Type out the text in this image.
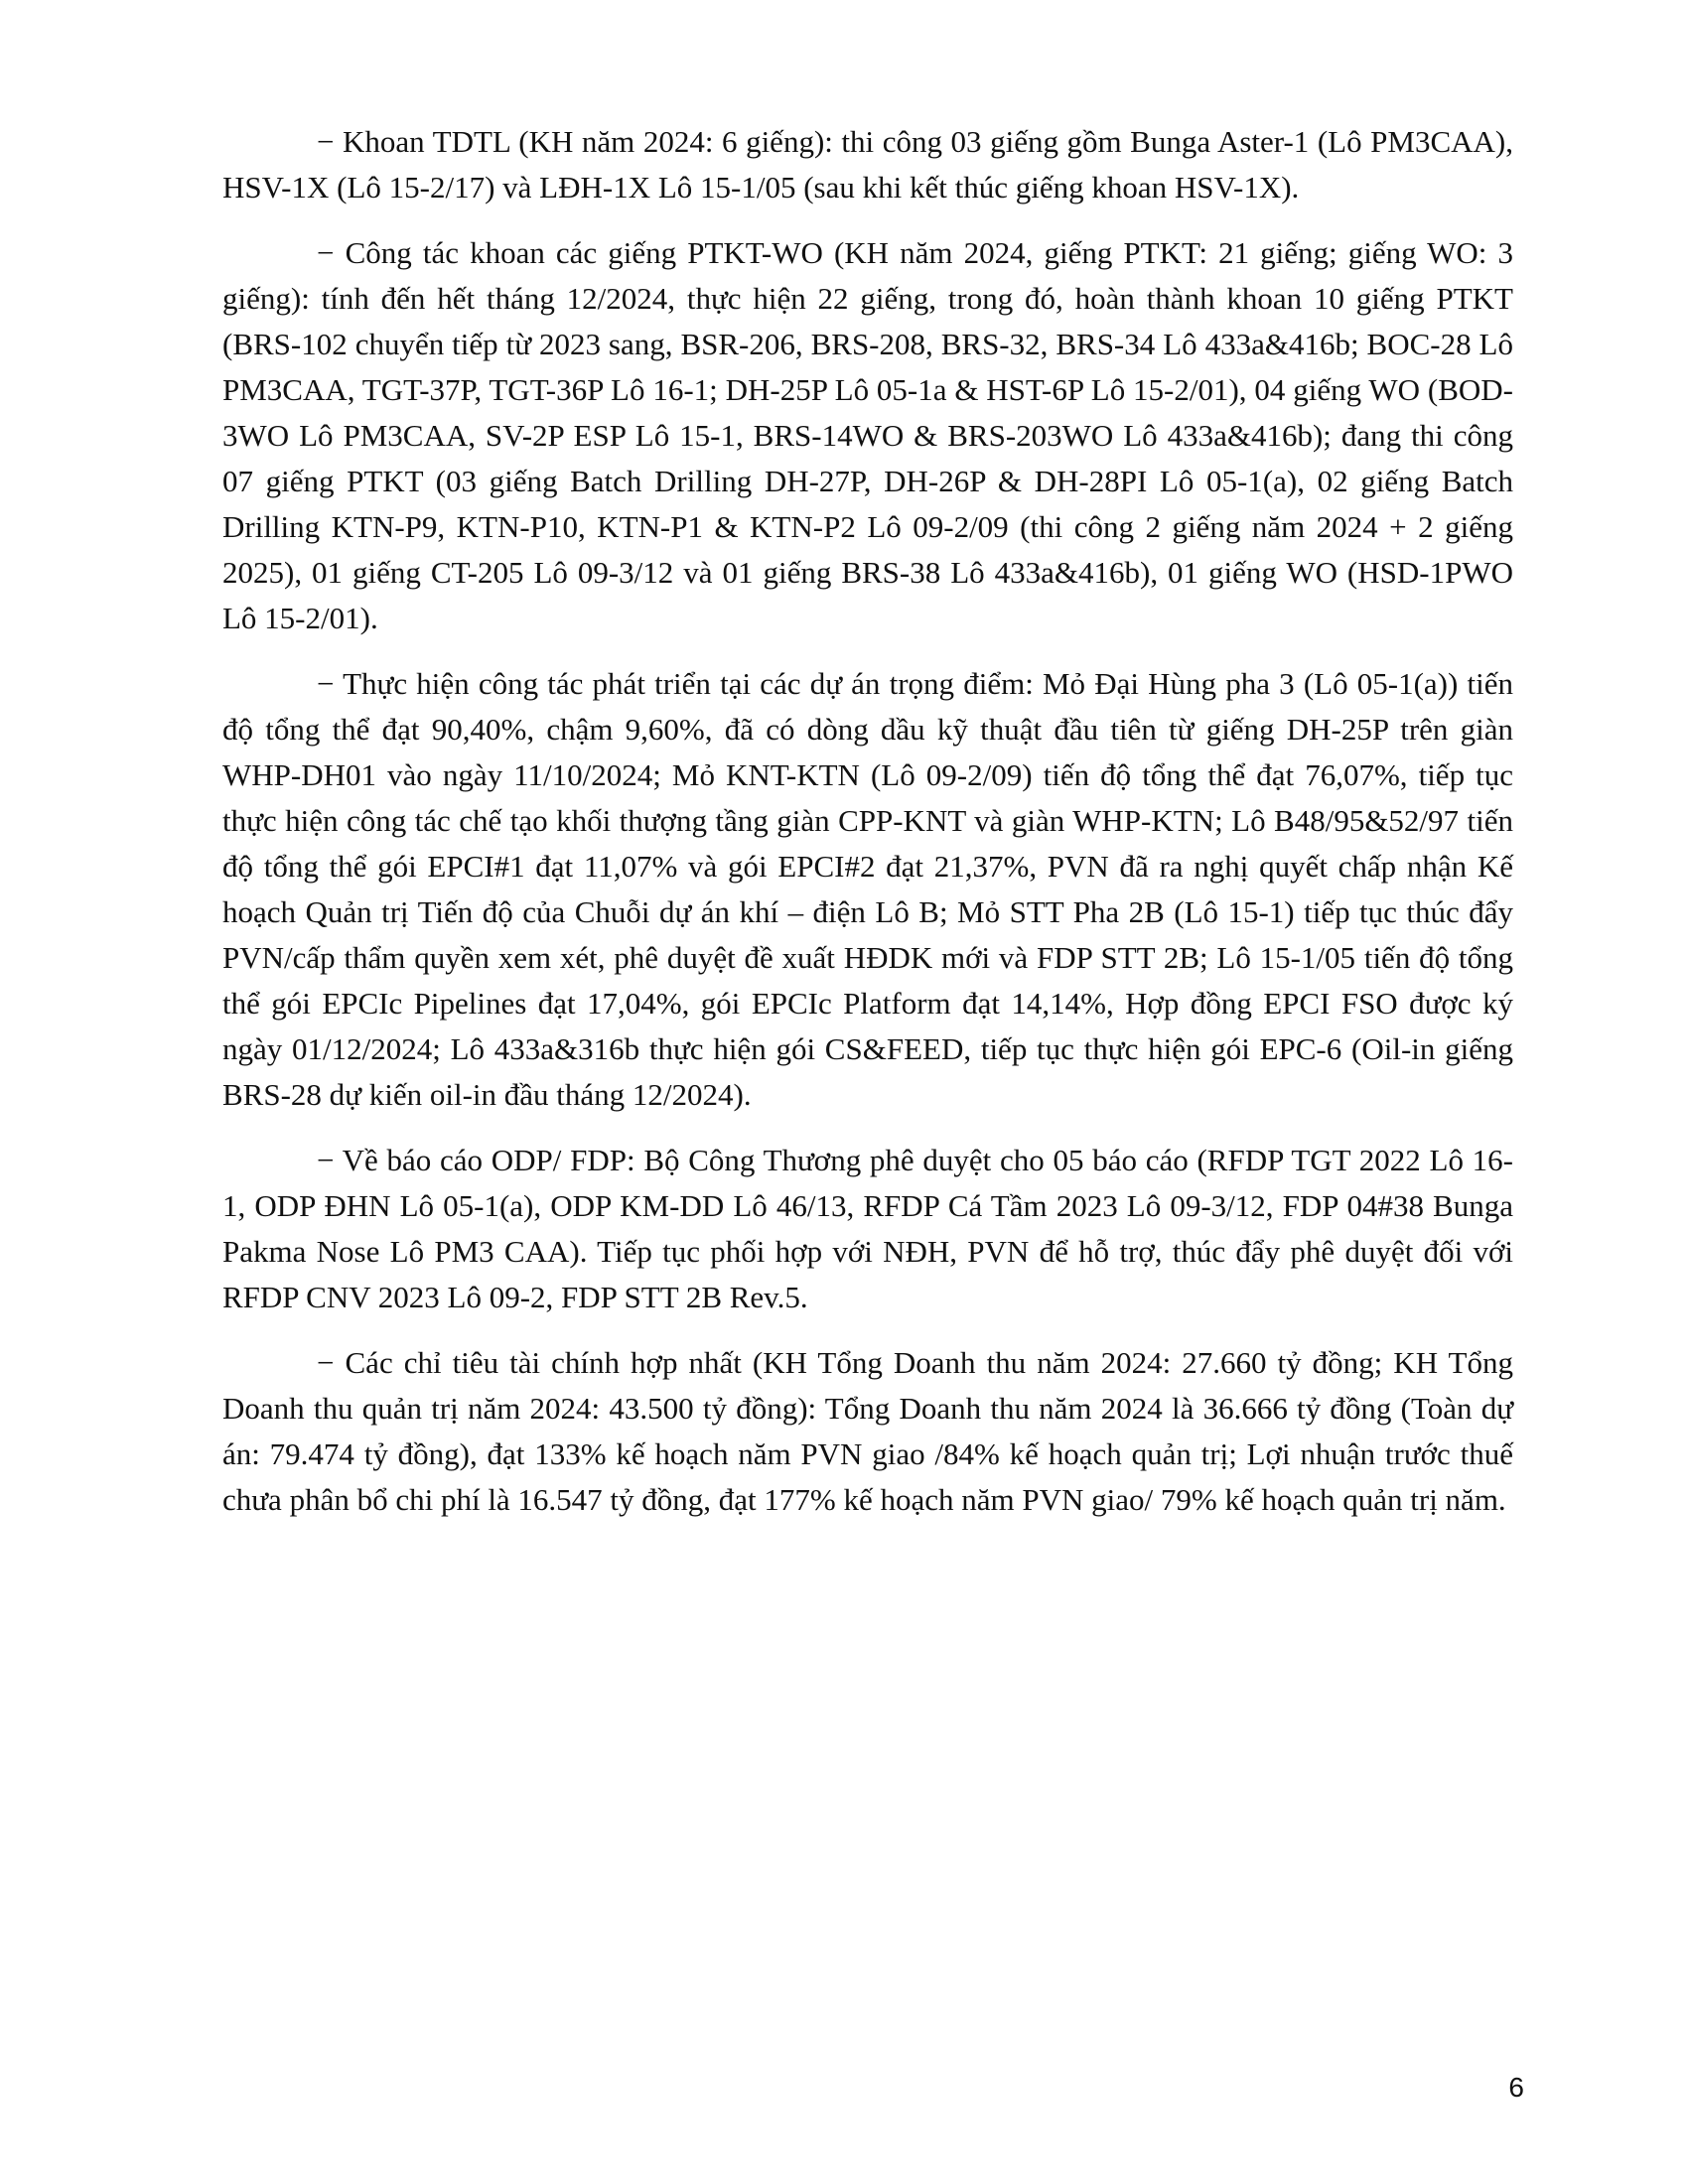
− Khoan TDTL (KH năm 2024: 6 giếng): thi công 03 giếng gồm Bunga Aster-1 (Lô PM3CAA), HSV-1X (Lô 15-2/17) và LĐH-1X Lô 15-1/05 (sau khi kết thúc giếng khoan HSV-1X).

− Công tác khoan các giếng PTKT-WO (KH năm 2024, giếng PTKT: 21 giếng; giếng WO: 3 giếng): tính đến hết tháng 12/2024, thực hiện 22 giếng, trong đó, hoàn thành khoan 10 giếng PTKT (BRS-102 chuyển tiếp từ 2023 sang, BSR-206, BRS-208, BRS-32, BRS-34 Lô 433a&416b; BOC-28 Lô PM3CAA, TGT-37P, TGT-36P Lô 16-1; DH-25P Lô 05-1a & HST-6P Lô 15-2/01), 04 giếng WO (BOD-3WO Lô PM3CAA, SV-2P ESP Lô 15-1, BRS-14WO & BRS-203WO Lô 433a&416b); đang thi công 07 giếng PTKT (03 giếng Batch Drilling DH-27P, DH-26P & DH-28PI Lô 05-1(a), 02 giếng Batch Drilling KTN-P9, KTN-P10, KTN-P1 & KTN-P2 Lô 09-2/09 (thi công 2 giếng năm 2024 + 2 giếng 2025), 01 giếng CT-205 Lô 09-3/12 và 01 giếng BRS-38 Lô 433a&416b), 01 giếng WO (HSD-1PWO Lô 15-2/01).

− Thực hiện công tác phát triển tại các dự án trọng điểm: Mỏ Đại Hùng pha 3 (Lô 05-1(a)) tiến độ tổng thể đạt 90,40%, chậm 9,60%, đã có dòng dầu kỹ thuật đầu tiên từ giếng DH-25P trên giàn WHP-DH01 vào ngày 11/10/2024; Mỏ KNT-KTN (Lô 09-2/09) tiến độ tổng thể đạt 76,07%, tiếp tục thực hiện công tác chế tạo khối thượng tầng giàn CPP-KNT và giàn WHP-KTN; Lô B48/95&52/97 tiến độ tổng thể gói EPCI#1 đạt 11,07% và gói EPCI#2 đạt 21,37%, PVN đã ra nghị quyết chấp nhận Kế hoạch Quản trị Tiến độ của Chuỗi dự án khí – điện Lô B; Mỏ STT Pha 2B (Lô 15-1) tiếp tục thúc đẩy PVN/cấp thẩm quyền xem xét, phê duyệt đề xuất HĐDK mới và FDP STT 2B; Lô 15-1/05 tiến độ tổng thể gói EPCIc Pipelines đạt 17,04%, gói EPCIc Platform đạt 14,14%, Hợp đồng EPCI FSO được ký ngày 01/12/2024; Lô 433a&316b thực hiện gói CS&FEED, tiếp tục thực hiện gói EPC-6 (Oil-in giếng BRS-28 dự kiến oil-in đầu tháng 12/2024).

− Về báo cáo ODP/ FDP: Bộ Công Thương phê duyệt cho 05 báo cáo (RFDP TGT 2022 Lô 16-1, ODP ĐHN Lô 05-1(a), ODP KM-DD Lô 46/13, RFDP Cá Tầm 2023 Lô 09-3/12, FDP 04#38 Bunga Pakma Nose Lô PM3 CAA). Tiếp tục phối hợp với NĐH, PVN để hỗ trợ, thúc đẩy phê duyệt đối với RFDP CNV 2023 Lô 09-2, FDP STT 2B Rev.5.

− Các chỉ tiêu tài chính hợp nhất (KH Tổng Doanh thu năm 2024: 27.660 tỷ đồng; KH Tổng Doanh thu quản trị năm 2024: 43.500 tỷ đồng): Tổng Doanh thu năm 2024 là 36.666 tỷ đồng (Toàn dự án: 79.474 tỷ đồng), đạt 133% kế hoạch năm PVN giao /84% kế hoạch quản trị; Lợi nhuận trước thuế chưa phân bổ chi phí là 16.547 tỷ đồng, đạt 177% kế hoạch năm PVN giao/ 79% kế hoạch quản trị năm.

6
